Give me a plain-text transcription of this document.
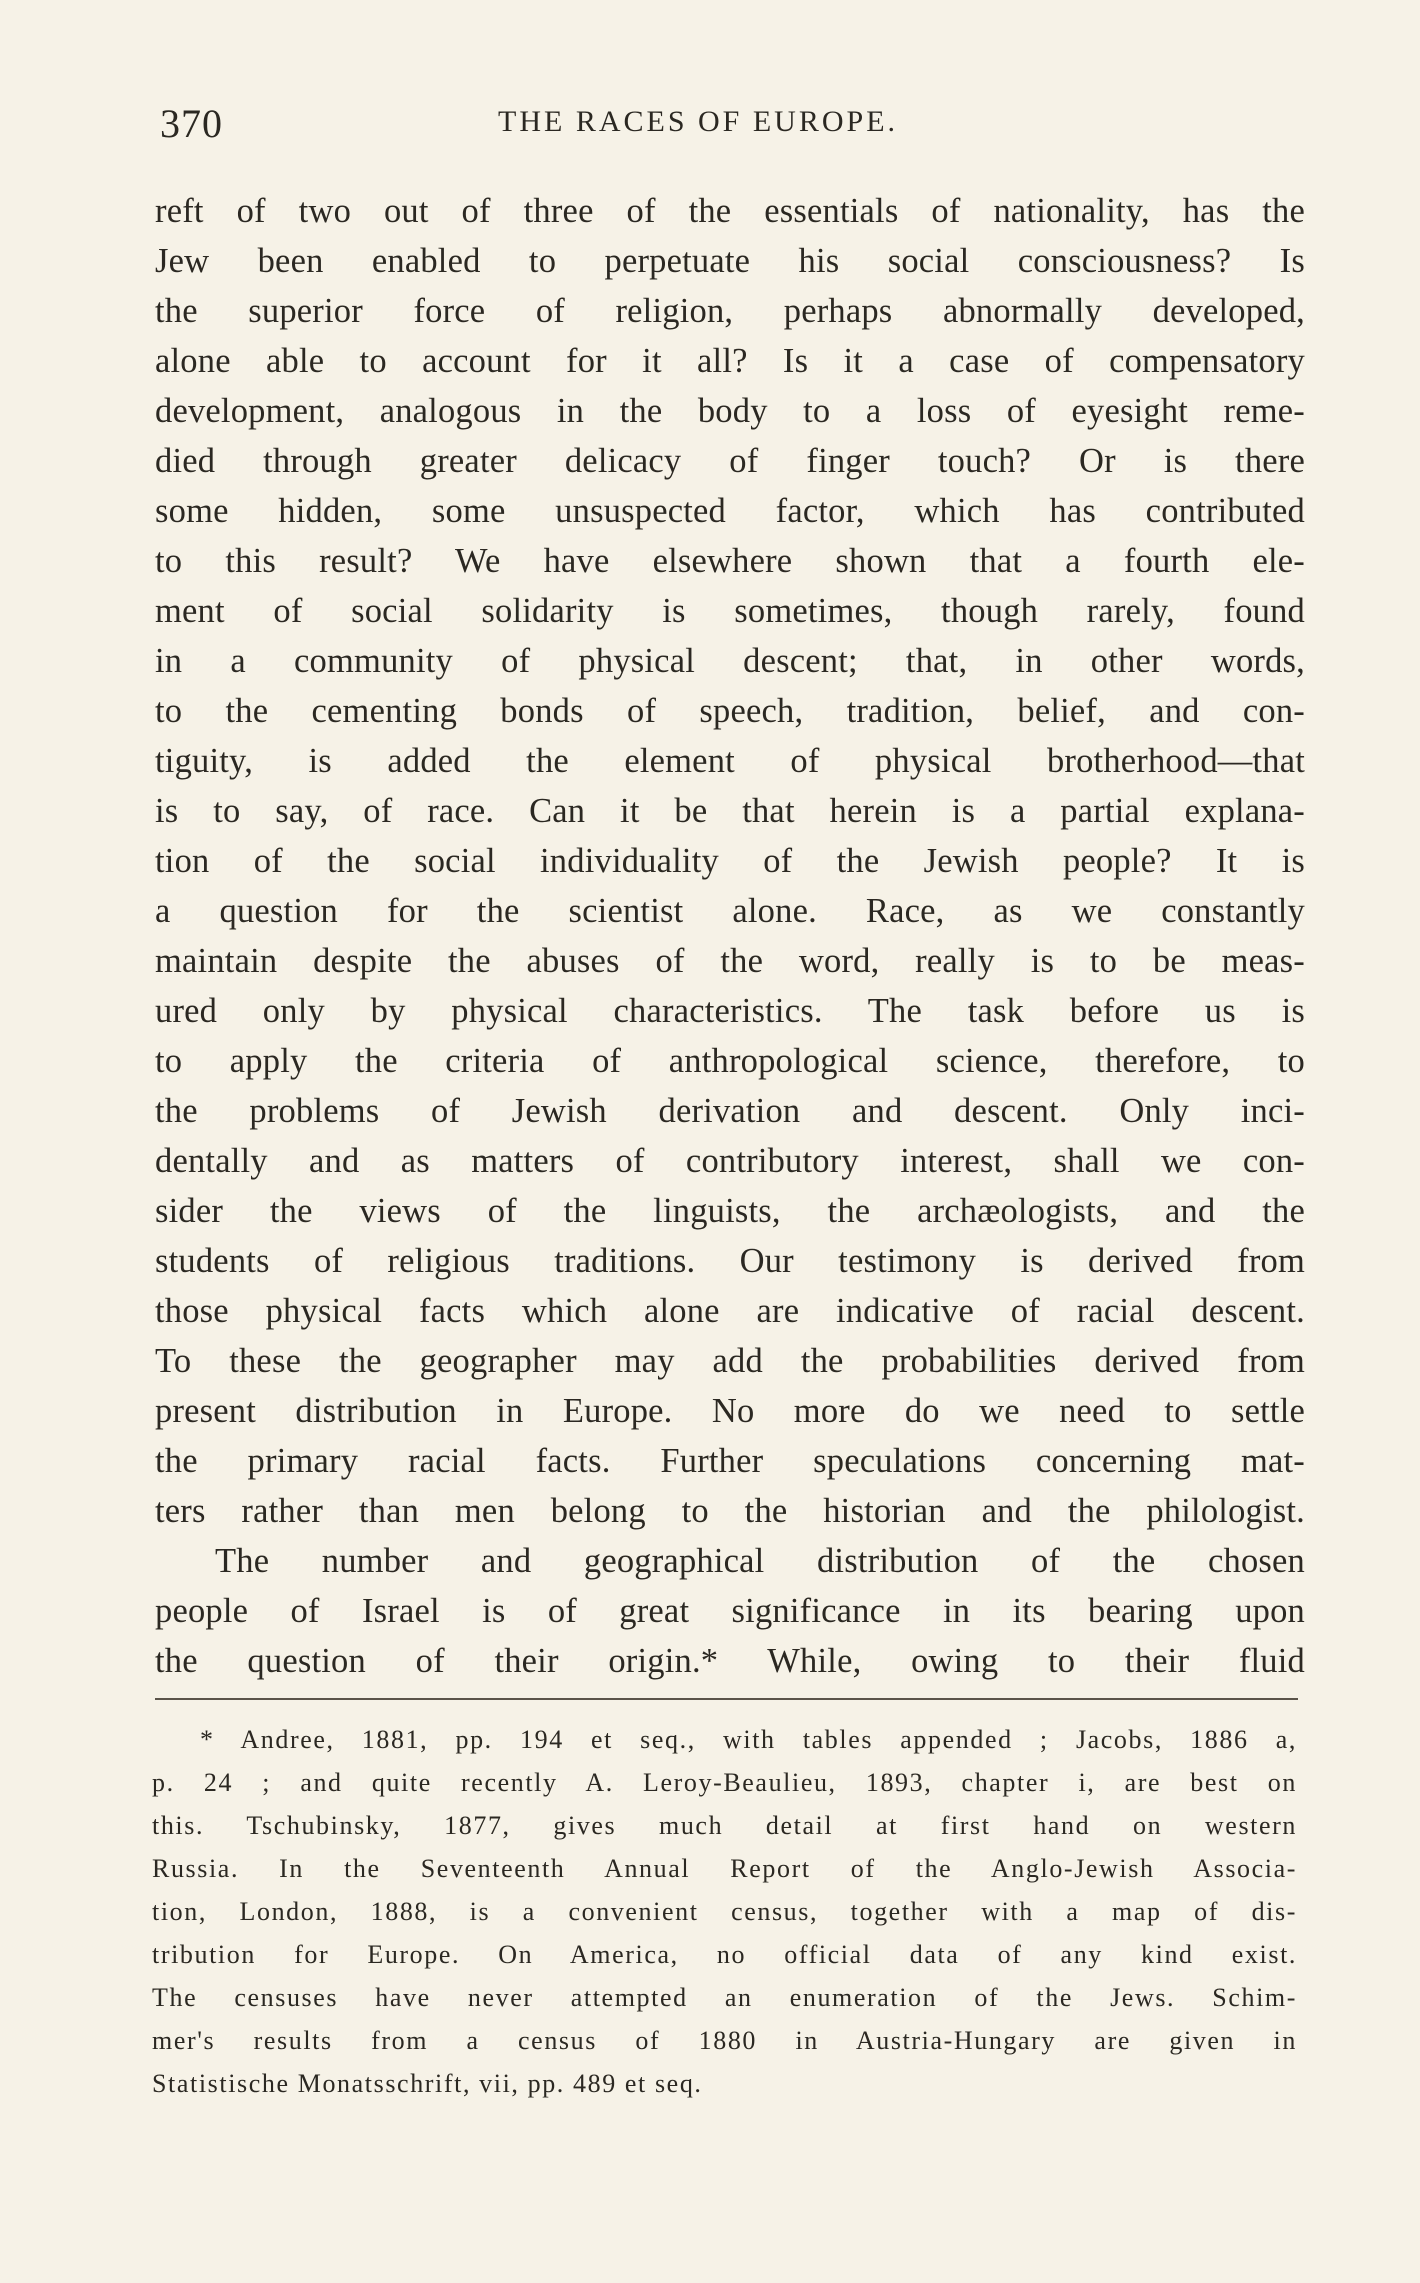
370	THE RACES OF EUROPE.
reft of two out of three of the essentials of nationality, has the
Jew been enabled to perpetuate his social consciousness? Is
the superior force of religion, perhaps abnormally developed,
alone able to account for it all? Is it a case of compensatory
development, analogous in the body to a loss of eyesight reme-
died through greater delicacy of finger touch? Or is there
some hidden, some unsuspected factor, which has contributed
to this result? We have elsewhere shown that a fourth ele-
ment of social solidarity is sometimes, though rarely, found
in a community of physical descent; that, in other words,
to the cementing bonds of speech, tradition, belief, and con-
tiguity, is added the element of physical brotherhood—that
is to say, of race. Can it be that herein is a partial explana-
tion of the social individuality of the Jewish people? It is
a question for the scientist alone. Race, as we constantly
maintain despite the abuses of the word, really is to be meas-
ured only by physical characteristics. The task before us is
to apply the criteria of anthropological science, therefore, to
the problems of Jewish derivation and descent. Only inci-
dentally and as matters of contributory interest, shall we con-
sider the views of the linguists, the archæologists, and the
students of religious traditions. Our testimony is derived from
those physical facts which alone are indicative of racial descent.
To these the geographer may add the probabilities derived from
present distribution in Europe. No more do we need to settle
the primary racial facts. Further speculations concerning mat-
ters rather than men belong to the historian and the philologist.
The number and geographical distribution of the chosen
people of Israel is of great significance in its bearing upon
the question of their origin.* While, owing to their fluid
* Andree, 1881, pp. 194 et seq., with tables appended ; Jacobs, 1886 a,
p. 24 ; and quite recently A. Leroy-Beaulieu, 1893, chapter i, are best on
this. Tschubinsky, 1877, gives much detail at first hand on western
Russia. In the Seventeenth Annual Report of the Anglo-Jewish Associa-
tion, London, 1888, is a convenient census, together with a map of dis-
tribution for Europe. On America, no official data of any kind exist.
The censuses have never attempted an enumeration of the Jews. Schim-
mer's results from a census of 1880 in Austria-Hungary are given in
Statistische Monatsschrift, vii, pp. 489 et seq.
